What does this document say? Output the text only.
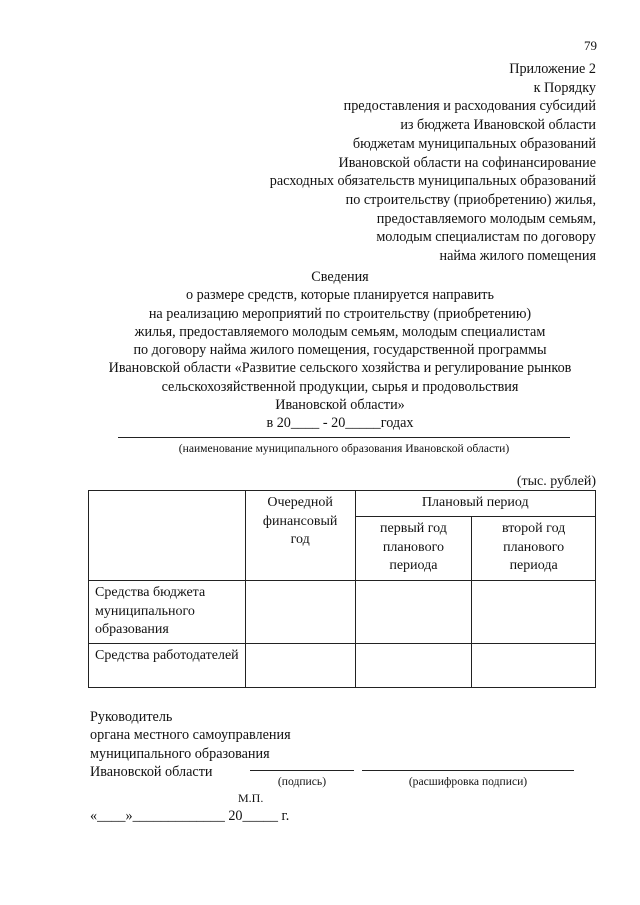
79
Приложение 2
к Порядку
предоставления и расходования субсидий
из бюджета Ивановской области
бюджетам муниципальных образований
Ивановской области на софинансирование
расходных обязательств муниципальных образований
по строительству (приобретению) жилья,
предоставляемого молодым семьям,
молодым специалистам по договору
найма жилого помещения
Сведения
о размере средств, которые планируется направить
на реализацию мероприятий по строительству (приобретению)
жилья, предоставляемого молодым семьям, молодым специалистам
по договору найма жилого помещения, государственной программы
Ивановской области «Развитие сельского хозяйства и регулирование рынков
сельскохозяйственной продукции, сырья и продовольствия
Ивановской области»
в 20____ - 20_____годах
(наименование муниципального образования Ивановской области)
(тыс. рублей)
	Очередной финансовый год	Плановый период	
		первый год планового периода	второй год планового периода
Средства бюджета муниципального образования			
Средства работодателей			
Руководитель
органа местного самоуправления
муниципального образования
Ивановской области
(подпись)	(расшифровка подписи)
М.П.
«____»_____________ 20_____ г.
